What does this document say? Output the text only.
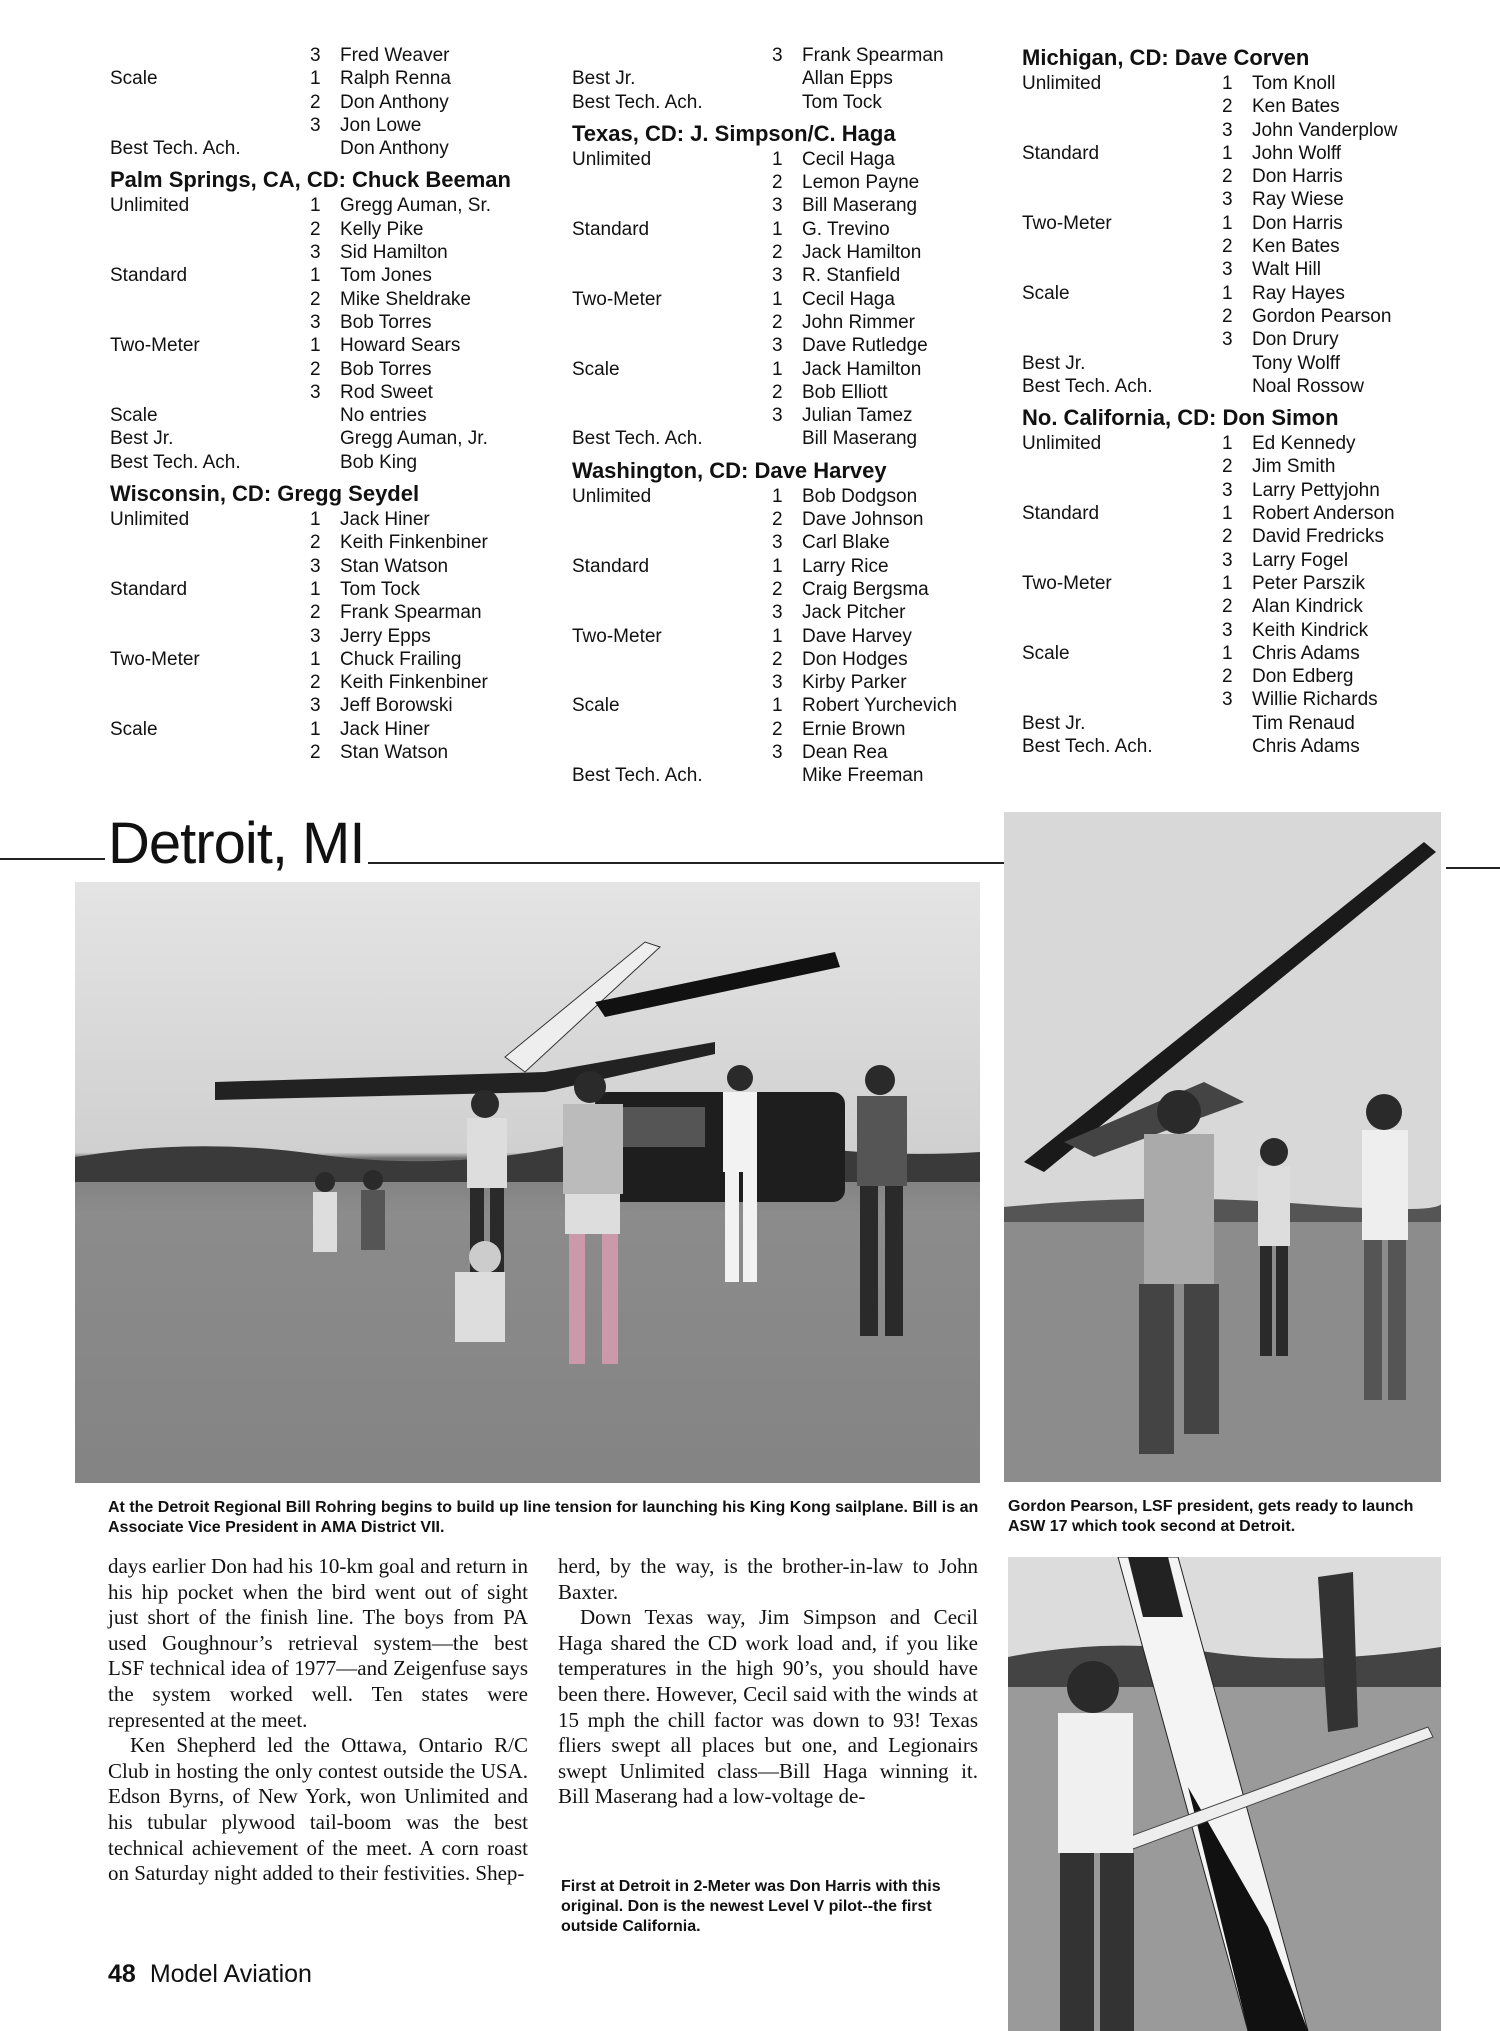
3	Fred Weaver
Scale	1	Ralph Renna
2	Don Anthony
3	Jon Lowe
Best Tech. Ach.	Don Anthony
Palm Springs, CA, CD: Chuck Beeman
Unlimited	1	Gregg Auman, Sr.
2	Kelly Pike
3	Sid Hamilton
Standard	1	Tom Jones
2	Mike Sheldrake
3	Bob Torres
Two-Meter	1	Howard Sears
2	Bob Torres
3	Rod Sweet
Scale	No entries
Best Jr.	Gregg Auman, Jr.
Best Tech. Ach.	Bob King
Wisconsin, CD: Gregg Seydel
Unlimited	1	Jack Hiner
2	Keith Finkenbiner
3	Stan Watson
Standard	1	Tom Tock
2	Frank Spearman
3	Jerry Epps
Two-Meter	1	Chuck Frailing
2	Keith Finkenbiner
3	Jeff Borowski
Scale	1	Jack Hiner
2	Stan Watson
3	Frank Spearman
Best Jr.	Allan Epps
Best Tech. Ach.	Tom Tock
Texas, CD: J. Simpson/C. Haga
Unlimited	1	Cecil Haga
2	Lemon Payne
3	Bill Maserang
Standard	1	G. Trevino
2	Jack Hamilton
3	R. Stanfield
Two-Meter	1	Cecil Haga
2	John Rimmer
3	Dave Rutledge
Scale	1	Jack Hamilton
2	Bob Elliott
3	Julian Tamez
Best Tech. Ach.	Bill Maserang
Washington, CD: Dave Harvey
Unlimited	1	Bob Dodgson
2	Dave Johnson
3	Carl Blake
Standard	1	Larry Rice
2	Craig Bergsma
3	Jack Pitcher
Two-Meter	1	Dave Harvey
2	Don Hodges
3	Kirby Parker
Scale	1	Robert Yurchevich
2	Ernie Brown
3	Dean Rea
Best Tech. Ach.	Mike Freeman
Michigan, CD: Dave Corven
Unlimited	1	Tom Knoll
2	Ken Bates
3	John Vanderplow
Standard	1	John Wolff
2	Don Harris
3	Ray Wiese
Two-Meter	1	Don Harris
2	Ken Bates
3	Walt Hill
Scale	1	Ray Hayes
2	Gordon Pearson
3	Don Drury
Best Jr.	Tony Wolff
Best Tech. Ach.	Noal Rossow
No. California, CD: Don Simon
Unlimited	1	Ed Kennedy
2	Jim Smith
3	Larry Pettyjohn
Standard	1	Robert Anderson
2	David Fredricks
3	Larry Fogel
Two-Meter	1	Peter Parszik
2	Alan Kindrick
3	Keith Kindrick
Scale	1	Chris Adams
2	Don Edberg
3	Willie Richards
Best Jr.	Tim Renaud
Best Tech. Ach.	Chris Adams
Detroit, MI
At the Detroit Regional Bill Rohring begins to build up line tension for launching his King Kong sailplane. Bill is an Associate Vice President in AMA District VII.
Gordon Pearson, LSF president, gets ready to launch ASW 17 which took second at Detroit.

days earlier Don had his 10-km goal and return in his hip pocket when the bird went out of sight just short of the finish line. The boys from PA used Goughnour’s retrieval system—the best LSF technical idea of 1977—and Zeigenfuse says the system worked well. Ten states were represented at the meet.

Ken Shepherd led the Ottawa, Ontario R/C Club in hosting the only contest outside the USA. Edson Byrns, of New York, won Unlimited and his tubular plywood tail-boom was the best technical achievement of the meet. A corn roast on Saturday night added to their festivities. Shep-

herd, by the way, is the brother-in-law to John Baxter.

Down Texas way, Jim Simpson and Cecil Haga shared the CD work load and, if you like temperatures in the high 90’s, you should have been there. However, Cecil said with the winds at 15 mph the chill factor was down to 93! Texas fliers swept all places but one, and Legionairs swept Unlimited class—Bill Haga winning it. Bill Maserang had a low-voltage de-

First at Detroit in 2-Meter was Don Harris with this original. Don is the newest Level V pilot--the first outside California.
48 Model Aviation
